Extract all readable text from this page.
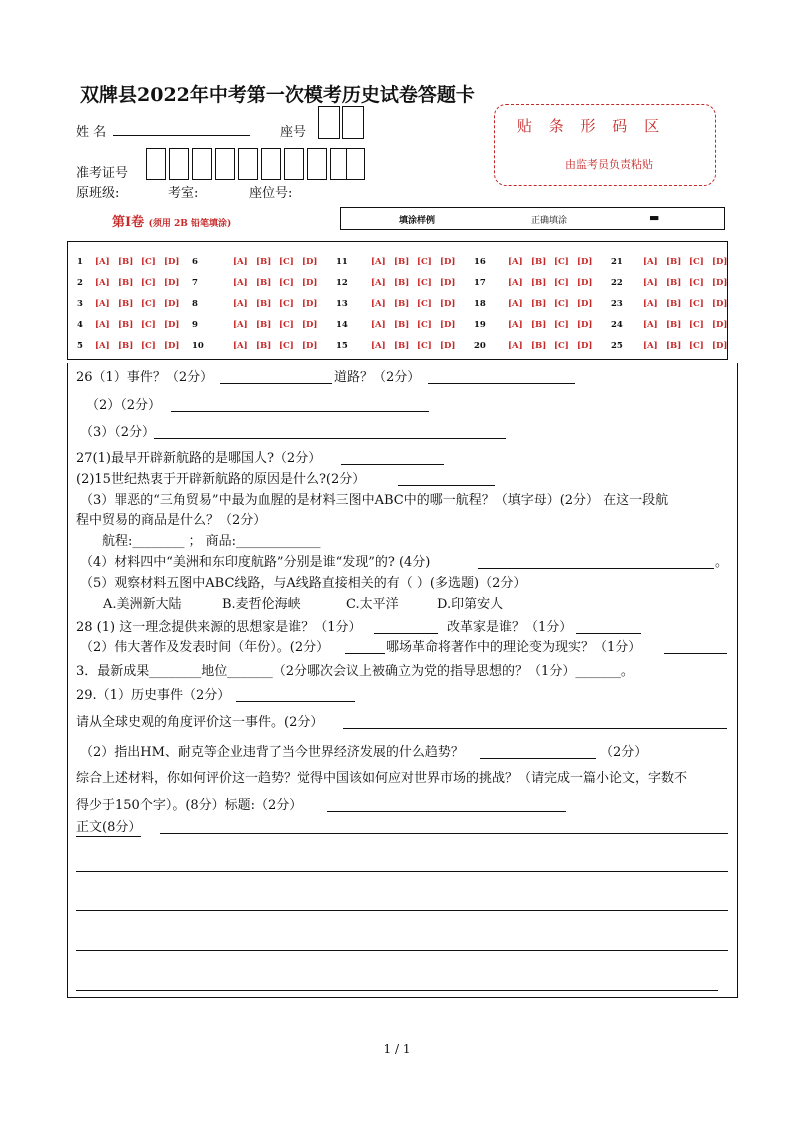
双牌县2022年中考第一次模考历史试卷答题卡
姓 名	座号
准考证号
原班级:	考室:	座位号:
贴 条 形 码 区
由监考员负责粘贴
第Ⅰ卷 (须用 2B 铅笔填涂)	填涂样例	正确填涂	▬
1 [A] [B] [C] [D] 6	[A] [B] [C] [D] 11	[A] [B] [C] [D] 16	[A] [B] [C] [D] 21 [A] [B] [C] [D]
2 [A] [B] [C] [D] 7	[A] [B] [C] [D] 12	[A] [B] [C] [D] 17	[A] [B] [C] [D] 22 [A] [B] [C] [D]
3 [A] [B] [C] [D] 8	[A] [B] [C] [D] 13	[A] [B] [C] [D] 18	[A] [B] [C] [D] 23 [A] [B] [C] [D]
4 [A] [B] [C] [D] 9	[A] [B] [C] [D] 14	[A] [B] [C] [D] 19	[A] [B] [C] [D] 24 [A] [B] [C] [D]
5 [A] [B] [C] [D] 10	[A] [B] [C] [D] 15	[A] [B] [C] [D] 20	[A] [B] [C] [D] 25 [A] [B] [C] [D]
26（1）事件？（2分）	道路？（2分）
（2）（2分）
（3）（2分）
27(1)最早开辟新航路的是哪国人?（2分）
(2)15世纪热衷于开辟新航路的原因是什么?(2分）
（3）罪恶的“三角贸易”中最为血腥的是材料三图中ABC中的哪一航程？（填字母）(2分） 在这一段航
程中贸易的商品是什么？（2分）
航程:________ ； 商品:_____________
（4）材料四中“美洲和东印度航路”分别是谁“发现”的? (4分)	。
（5）观察材料五图中ABC线路，与A线路直接相关的有（ ）(多选题)（2分）
A.美洲新大陆	B.麦哲伦海峡	C.太平洋	D.印第安人
28 (1) 这一理念提供来源的思想家是谁？（1分）	改革家是谁？（1分）
（2）伟大著作及发表时间（年份）。(2分）	哪场革命将著作中的理论变为现实？（1分）
3．最新成果________地位_______（2分哪次会议上被确立为党的指导思想的？（1分）_______。
29.（1）历史事件（2分）
请从全球史观的角度评价这一事件。(2分）
（2）指出HM、耐克等企业违背了当今世界经济发展的什么趋势？	（2分）
综合上述材料，你如何评价这一趋势？觉得中国该如何应对世界市场的挑战？（请完成一篇小论文，字数不
得少于150个字）。(8分）标题:（2分）
正文(8分）
1 / 1
